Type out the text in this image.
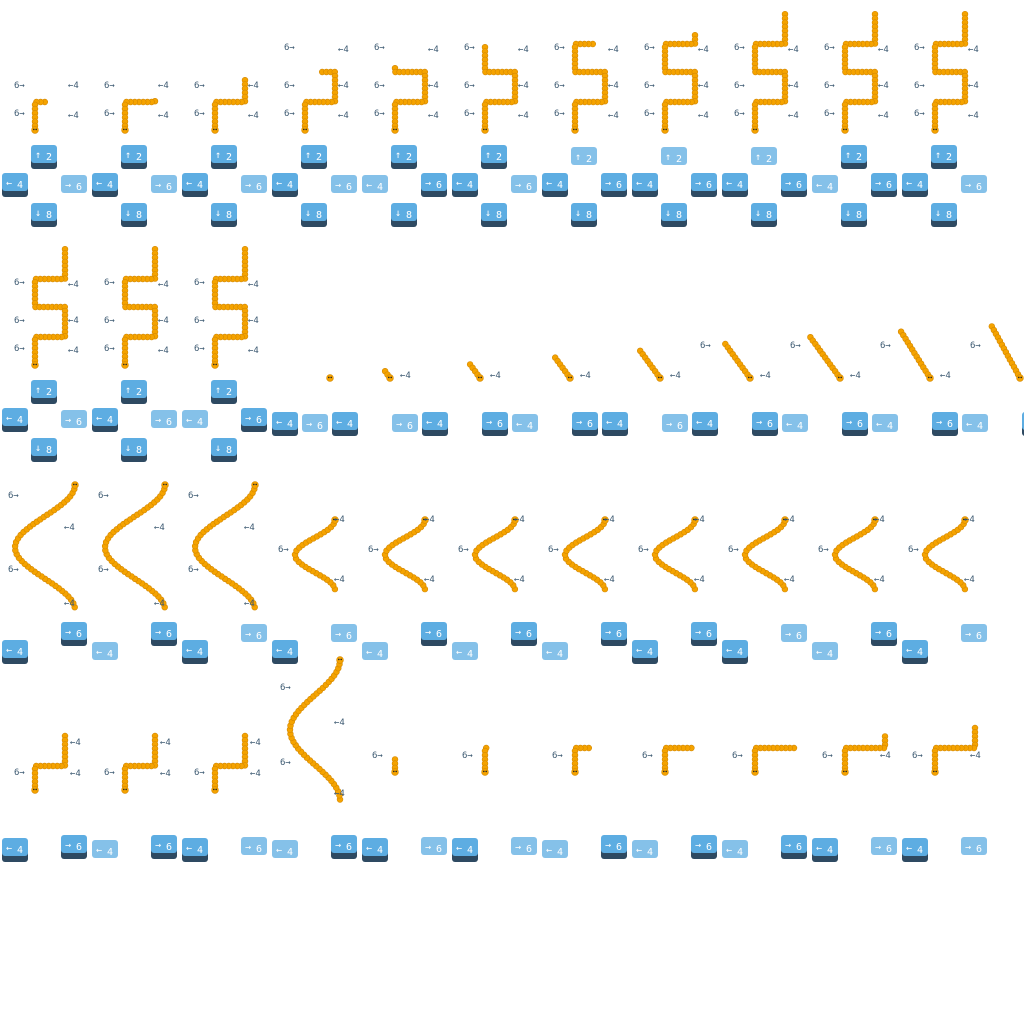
6→
6→
←4
←4
↑ 2
← 4	→ 6
↓ 8
6→
6→
←4
←4
↑ 2
← 4	→ 6
↓ 8
6→
6→
←4
←4
↑ 2
← 4	→ 6
↓ 8
6→
6→
←4
←4
6→	←4
↑ 2
← 4	→ 6
↓ 8
6→
6→
←4
←4
6→	←4
↑ 2
← 4	→ 6
↓ 8
6→
6→
←4
←4
6→	←4
↑ 2
← 4	→ 6
↓ 8
6→
6→
←4
←4
6→	←4
↑ 2
← 4	→ 6
↓ 8
6→
6→
←4
←4
6→	←4
↑ 2
← 4	→ 6
↓ 8
6→
6→
←4
←4
6→	←4
↑ 2
← 4	→ 6
↓ 8
6→
6→
←4
←4
6→	←4
↑ 2
← 4	→ 6
↓ 8
6→
6→
←4
←4
6→	←4
↑ 2
← 4	→ 6
↓ 8
6→
6→
←4
←4
6→	←4
↑ 2
← 4	→ 6
↓ 8
6→
6→
←4
←4
6→	←4
↑ 2
← 4	→ 6
↓ 8
6→
6→
←4
←4
6→	←4
↑ 2
← 4	→ 6
↓ 8
← 4
←4
→ 6 ← 4
←4
→ 6 ← 4
←4
→ 6 ← 4
←4
→ 6 ← 4
←4
6→
→ 6 ← 4
←4
6→
→ 6 ← 4
←4
6→
→ 6 ← 4
6→
→ 6 ← 4
6→
←4
6→
←4
← 4
→ 6
6→
←4
6→
←4
← 4
→ 6
6→
←4
6→
←4
← 4
→ 6
6→
←4
←4
← 4
→ 6
6→
←4
←4
← 4
→ 6
6→
←4
←4
← 4
→ 6
6→
←4
←4
← 4
→ 6
6→
←4
←4
← 4
→ 6
6→
←4
←4
← 4
→ 6
6→
←4
←4
← 4
→ 6
6→
←4
←4
← 4
→ 6
6→	←4
←4
← 4	→ 6
6→	←4
←4
← 4
→ 6
6→	←4
←4
← 4	→ 6
6→
6→
←4
←4
← 4
→ 6
6→
← 4	→ 6
6→
← 4	→ 6
6→
← 4
→ 6
6→
← 4
→ 6
6→
← 4
→ 6
6→	←4
← 4	→ 6
6→	←4
← 4	→ 6
